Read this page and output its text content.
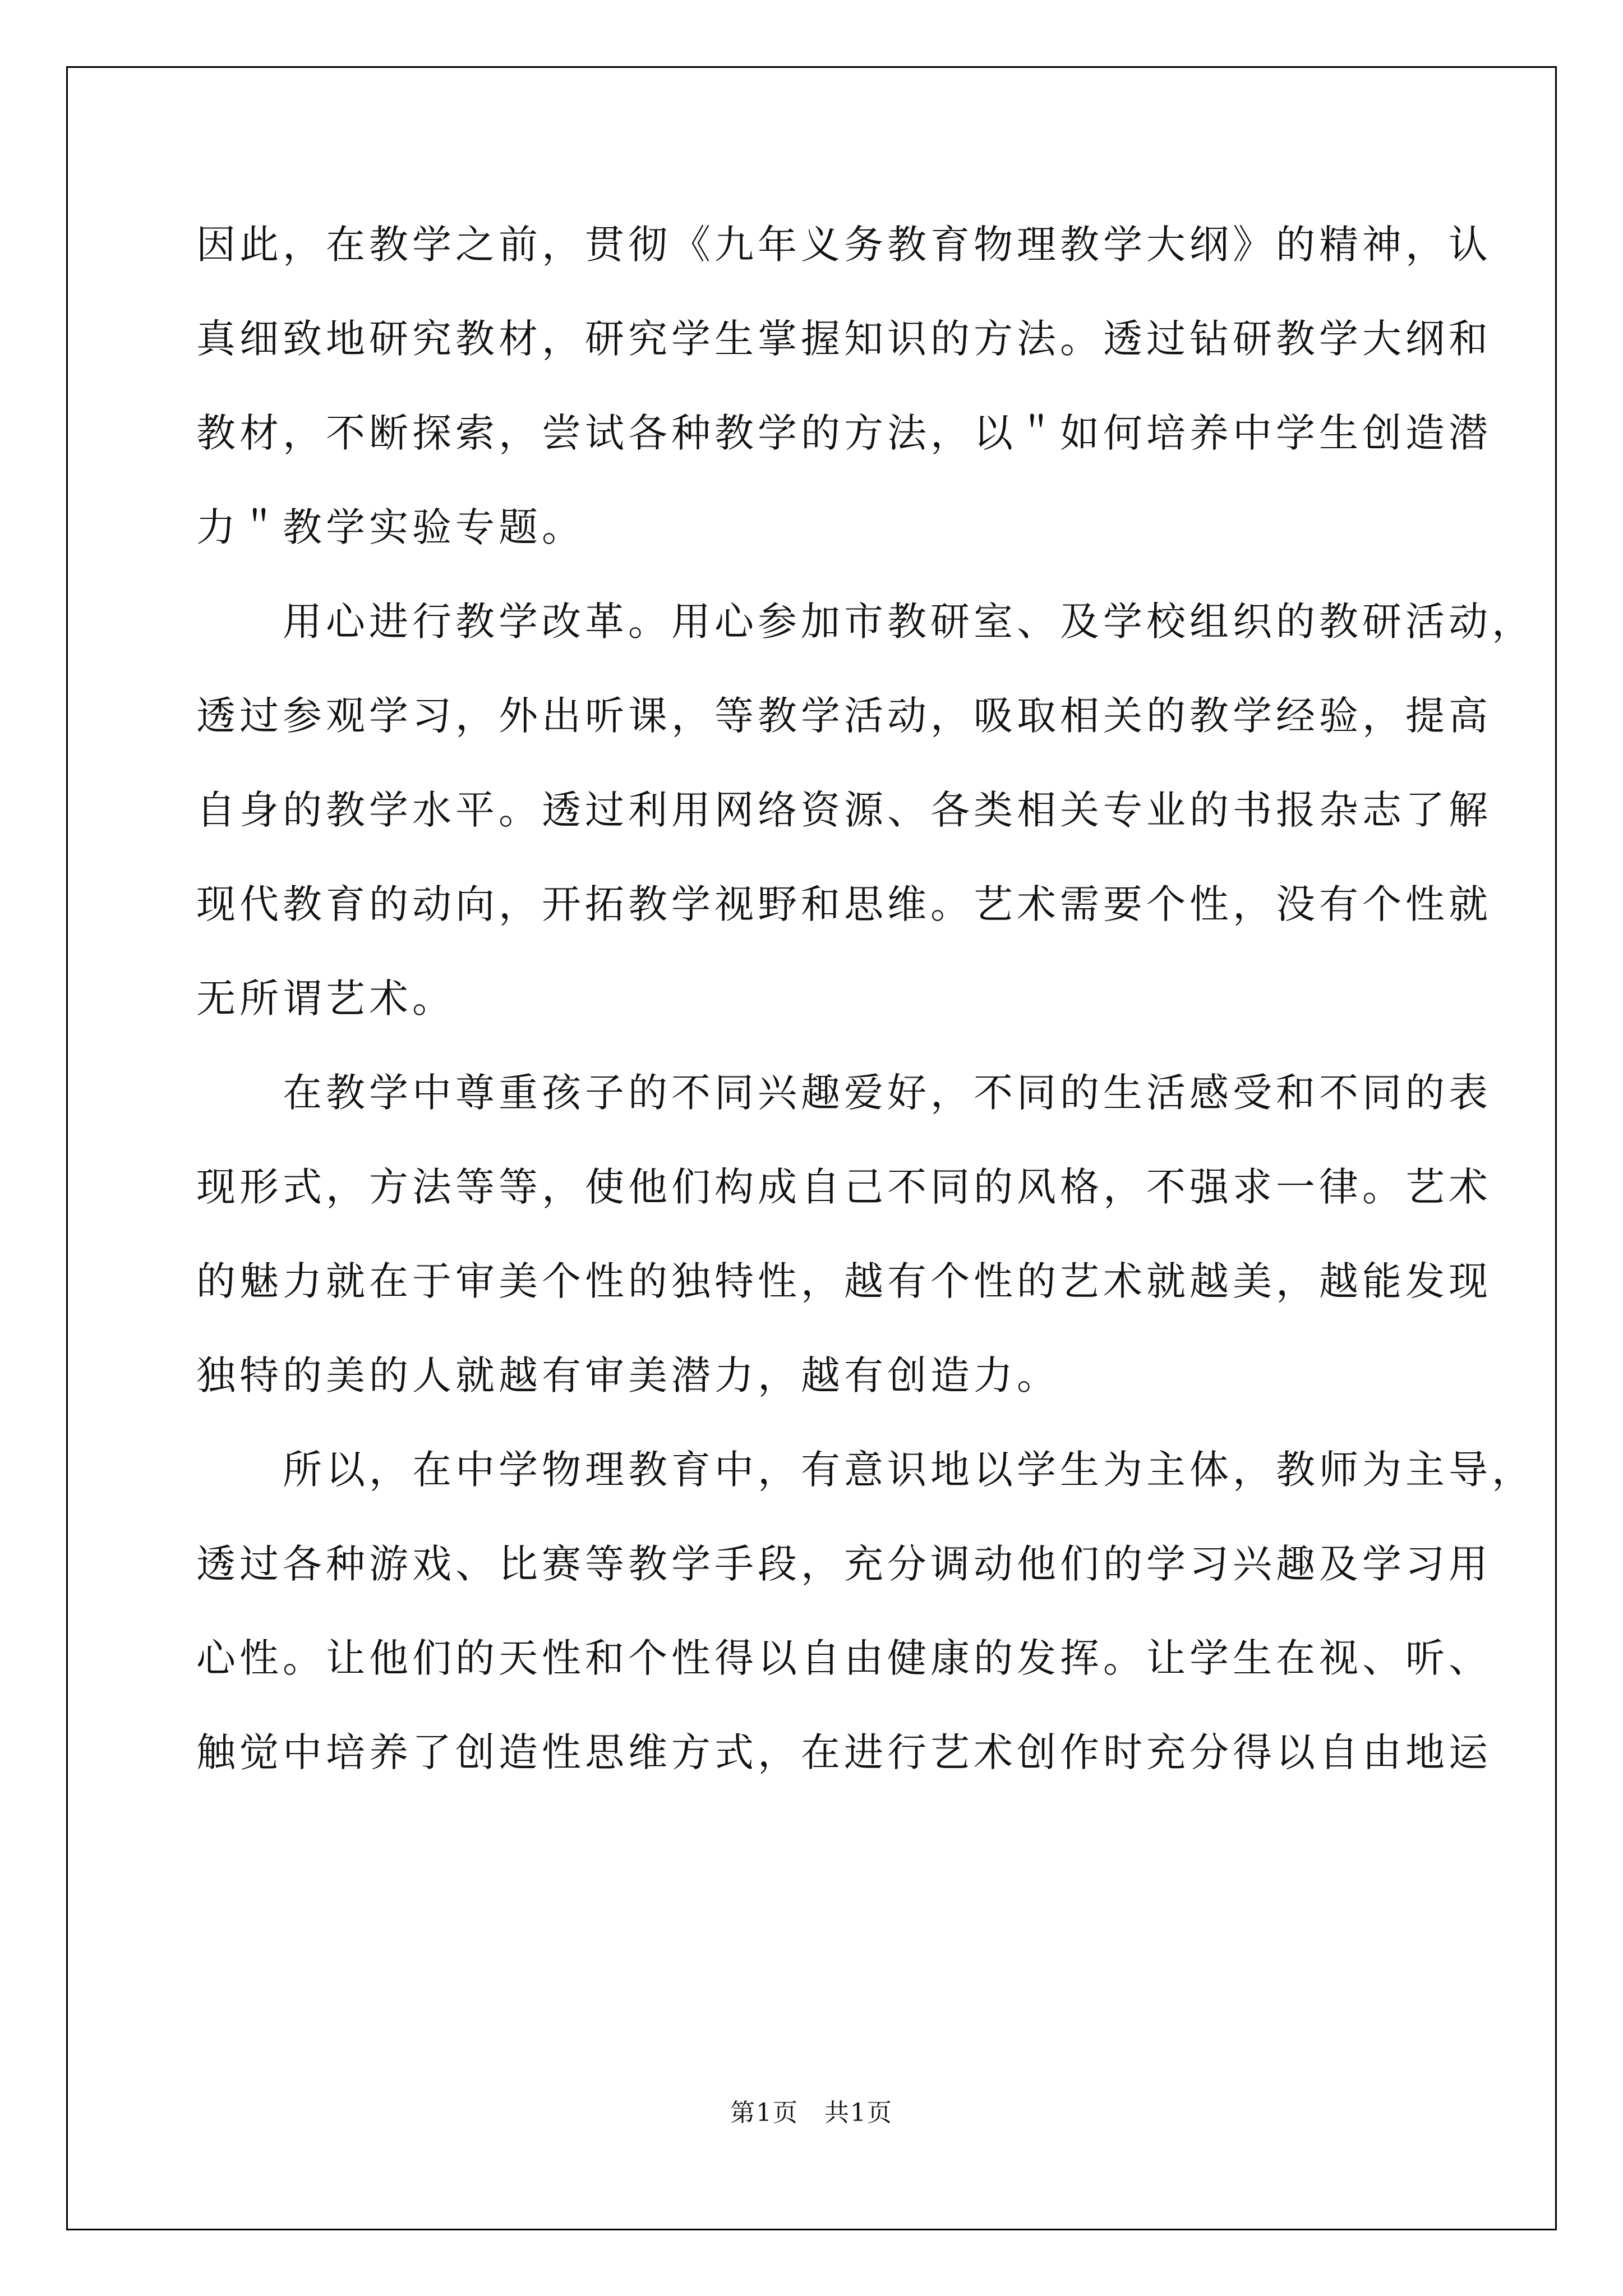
因此，在教学之前，贯彻《九年义务教育物理教学大纲》的精神，认
真细致地研究教材，研究学生掌握知识的方法。透过钻研教学大纲和
教材，不断探索，尝试各种教学的方法，以＂如何培养中学生创造潜
力＂教学实验专题。
　　用心进行教学改革。用心参加市教研室、及学校组织的教研活动，
透过参观学习，外出听课，等教学活动，吸取相关的教学经验，提高
自身的教学水平。透过利用网络资源、各类相关专业的书报杂志了解
现代教育的动向，开拓教学视野和思维。艺术需要个性，没有个性就
无所谓艺术。
　　在教学中尊重孩子的不同兴趣爱好，不同的生活感受和不同的表
现形式，方法等等，使他们构成自己不同的风格，不强求一律。艺术
的魅力就在于审美个性的独特性，越有个性的艺术就越美，越能发现
独特的美的人就越有审美潜力，越有创造力。
　　所以，在中学物理教育中，有意识地以学生为主体，教师为主导，
透过各种游戏、比赛等教学手段，充分调动他们的学习兴趣及学习用
心性。让他们的天性和个性得以自由健康的发挥。让学生在视、听、
触觉中培养了创造性思维方式，在进行艺术创作时充分得以自由地运
第1页　共1页
